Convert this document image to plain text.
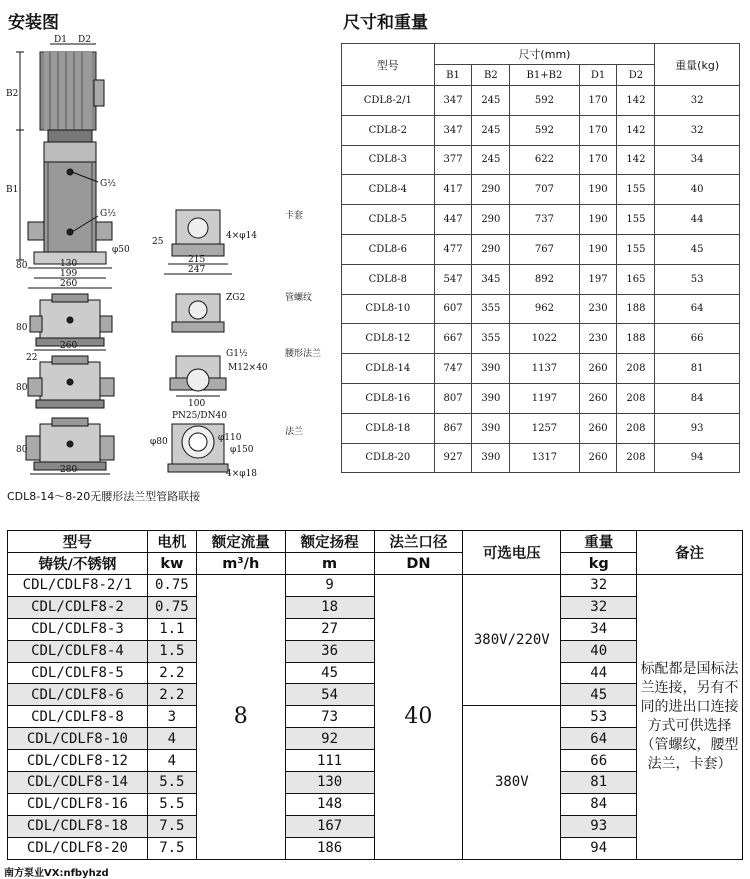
安装图	尺寸和重量
D1 D2
B2
B1
G½
G½
80	130
199
260
φ50
25
215
247
4×φ14
卡套
80
260
ZG2	管螺纹
22
80
G1½
M12×40
100
腰形法兰
80
280
PN25/DN40
φ80	φ110
φ150
4×φ18
法兰
CDL8-14～8-20无腰形法兰型管路联接
型号	尺寸(mm)					重量(kg)
	B1	B2	B1+B2	D1	D2	
CDL8-2/1	347	245	592	170	142	32
CDL8-2	347	245	592	170	142	32
CDL8-3	377	245	622	170	142	34
CDL8-4	417	290	707	190	155	40
CDL8-5	447	290	737	190	155	44
CDL8-6	477	290	767	190	155	45
CDL8-8	547	345	892	197	165	53
CDL8-10	607	355	962	230	188	64
CDL8-12	667	355	1022	230	188	66
CDL8-14	747	390	1137	260	208	81
CDL8-16	807	390	1197	260	208	84
CDL8-18	867	390	1257	260	208	93
CDL8-20	927	390	1317	260	208	94
型号	电机	额定流量	额定扬程	法兰口径	可选电压	重量	备注
铸铁/不锈钢	kw	m³/h	m	DN		kg	
CDL/CDLF8-2/1	0.75	8	9	40	380V/220V	32	标配都是国标法兰连接，另有不同的进出口连接方式可供选择（管螺纹，腰型法兰，卡套）
CDL/CDLF8-2	0.75		18			32	
CDL/CDLF8-3	1.1		27			34	
CDL/CDLF8-4	1.5		36			40	
CDL/CDLF8-5	2.2		45			44	
CDL/CDLF8-6	2.2		54			45	
CDL/CDLF8-8	3		73		380V	53	
CDL/CDLF8-10	4		92			64	
CDL/CDLF8-12	4		111			66	
CDL/CDLF8-14	5.5		130			81	
CDL/CDLF8-16	5.5		148			84	
CDL/CDLF8-18	7.5		167			93	
CDL/CDLF8-20	7.5		186			94	
南方泵业VX:nfbyhzd
